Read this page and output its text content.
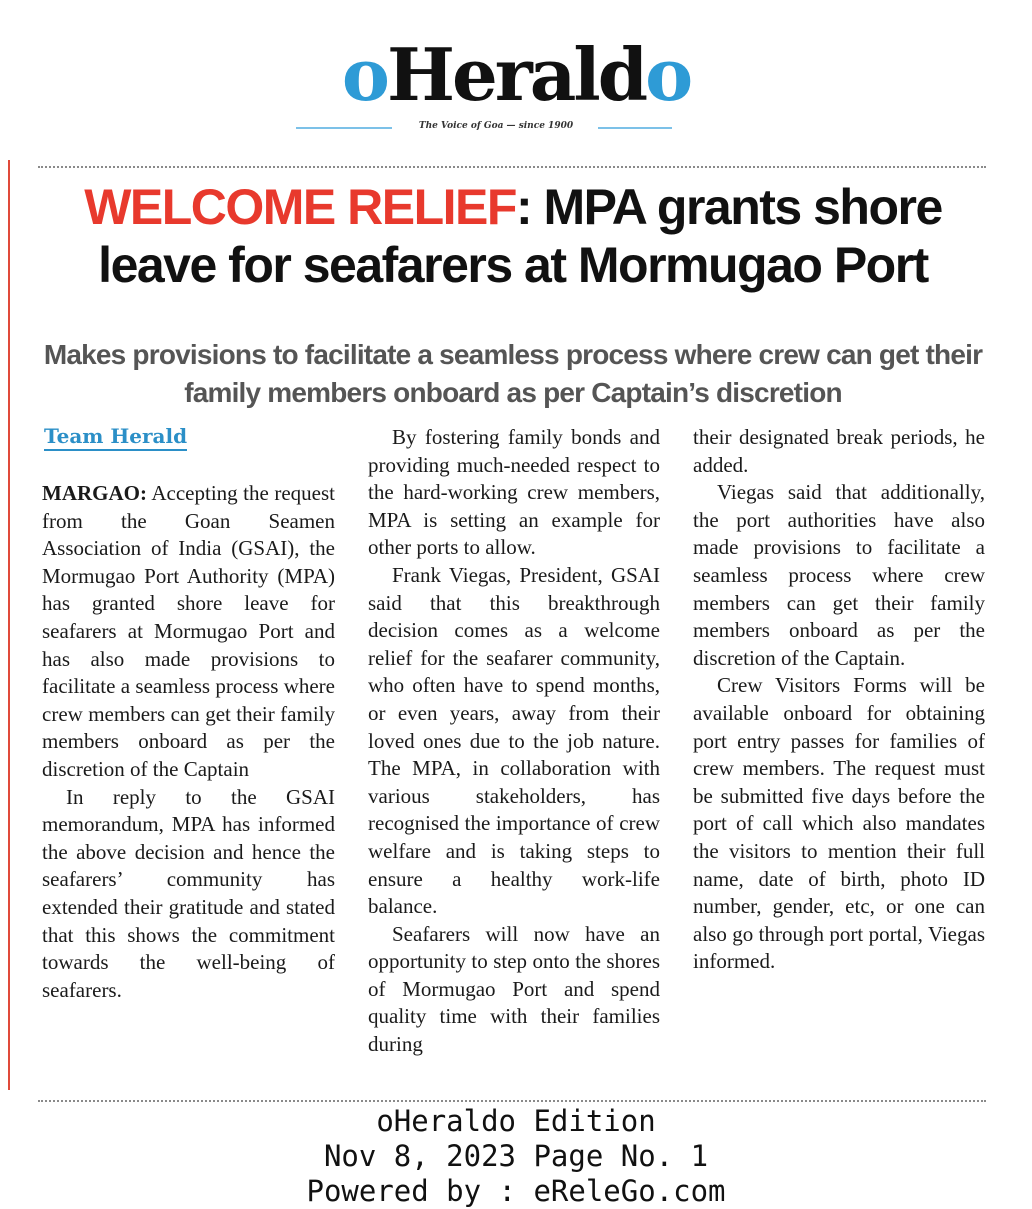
oHeraldo
The Voice of Goa — since 1900
WELCOME RELIEF: MPA grants shore leave for seafarers at Mormugao Port
Makes provisions to facilitate a seamless process where crew can get their family members onboard as per Captain’s discretion
Team Herald

MARGAO: Accepting the request from the Goan Seamen Association of India (GSAI), the Mormugao Port Authority (MPA) has granted shore leave for seafarers at Mormugao Port and has also made provisions to facilitate a seamless process where crew members can get their family members onboard as per the discretion of the Captain

In reply to the GSAI memorandum, MPA has informed the above decision and hence the seafarers’ community has extended their gratitude and stated that this shows the commitment towards the well-being of seafarers.

By fostering family bonds and providing much-needed respect to the hard-working crew members, MPA is setting an example for other ports to allow.

Frank Viegas, President, GSAI said that this breakthrough decision comes as a welcome relief for the seafarer community, who often have to spend months, or even years, away from their loved ones due to the job nature. The MPA, in collaboration with various stakeholders, has recognised the importance of crew welfare and is taking steps to ensure a healthy work-life balance.

Seafarers will now have an opportunity to step onto the shores of Mormugao Port and spend quality time with their families during

their designated break periods, he added.

Viegas said that additionally, the port authorities have also made provisions to facilitate a seamless process where crew members can get their family members onboard as per the discretion of the Captain.

Crew Visitors Forms will be available onboard for obtaining port entry passes for families of crew members. The request must be submitted five days before the port of call which also mandates the visitors to mention their full name, date of birth, photo ID number, gender, etc, or one can also go through port portal, Viegas informed.

oHeraldo Edition
Nov 8, 2023 Page No. 1
Powered by : eReleGo.com
